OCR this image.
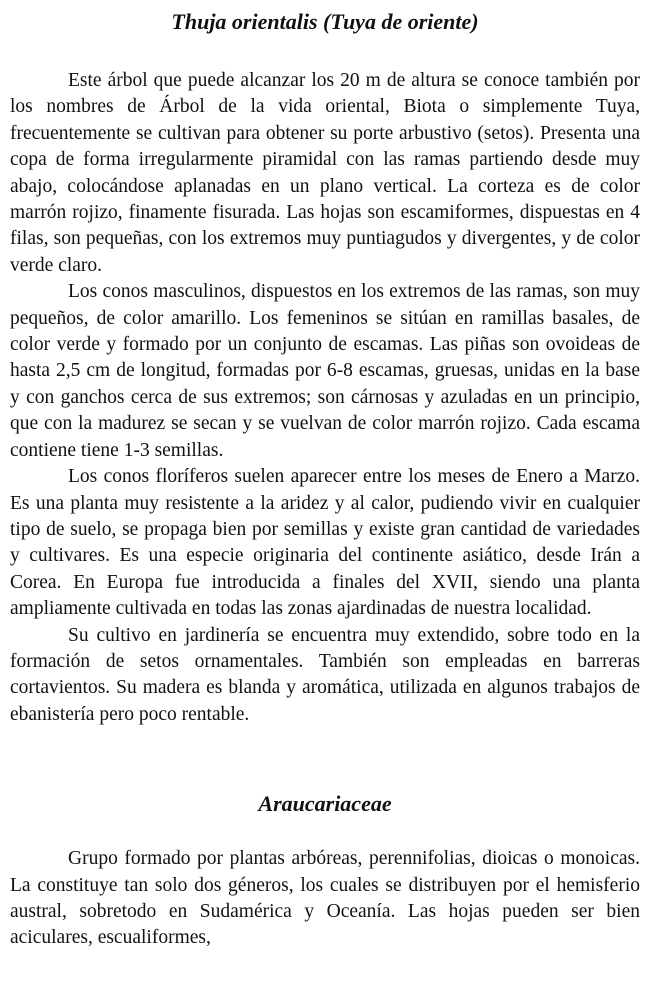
Thuja orientalis (Tuya de oriente)

Este árbol que puede alcanzar los 20 m de altura se conoce también por los nombres de Árbol de la vida oriental, Biota o simplemente Tuya, frecuentemente se cultivan para obtener su porte arbustivo (setos). Presenta una copa de forma irregularmente piramidal con las ramas partiendo desde muy abajo, colocándose aplanadas en un plano vertical. La corteza es de color marrón rojizo, finamente fisurada. Las hojas son escamiformes, dispuestas en 4 filas, son pequeñas, con los extremos muy puntiagudos y divergentes, y de color verde claro.

Los conos masculinos, dispuestos en los extremos de las ramas, son muy pequeños, de color amarillo. Los femeninos se sitúan en ramillas basales, de color verde y formado por un conjunto de escamas. Las piñas son ovoideas de hasta 2,5 cm de longitud, formadas por 6-8 escamas, gruesas, unidas en la base y con ganchos cerca de sus extremos; son cárnosas y azuladas en un principio, que con la madurez se secan y se vuelvan de color marrón rojizo. Cada escama contiene tiene 1-3 semillas.

Los conos floríferos suelen aparecer entre los meses de Enero a Marzo. Es una planta muy resistente a la aridez y al calor, pudiendo vivir en cualquier tipo de suelo, se propaga bien por semillas y existe gran cantidad de variedades y cultivares. Es una especie originaria del continente asiático, desde Irán a Corea. En Europa fue introducida a finales del XVII, siendo una planta ampliamente cultivada en todas las zonas ajardinadas de nuestra localidad.

Su cultivo en jardinería se encuentra muy extendido, sobre todo en la formación de setos ornamentales. También son empleadas en barreras cortavientos. Su madera es blanda y aromática, utilizada en algunos trabajos de ebanistería pero poco rentable.

Araucariaceae

Grupo formado por plantas arbóreas, perennifolias, dioicas o monoicas. La constituye tan solo dos géneros, los cuales se distribuyen por el hemisferio austral, sobretodo en Sudamérica y Oceanía. Las hojas pueden ser bien aciculares, escualiformes,
